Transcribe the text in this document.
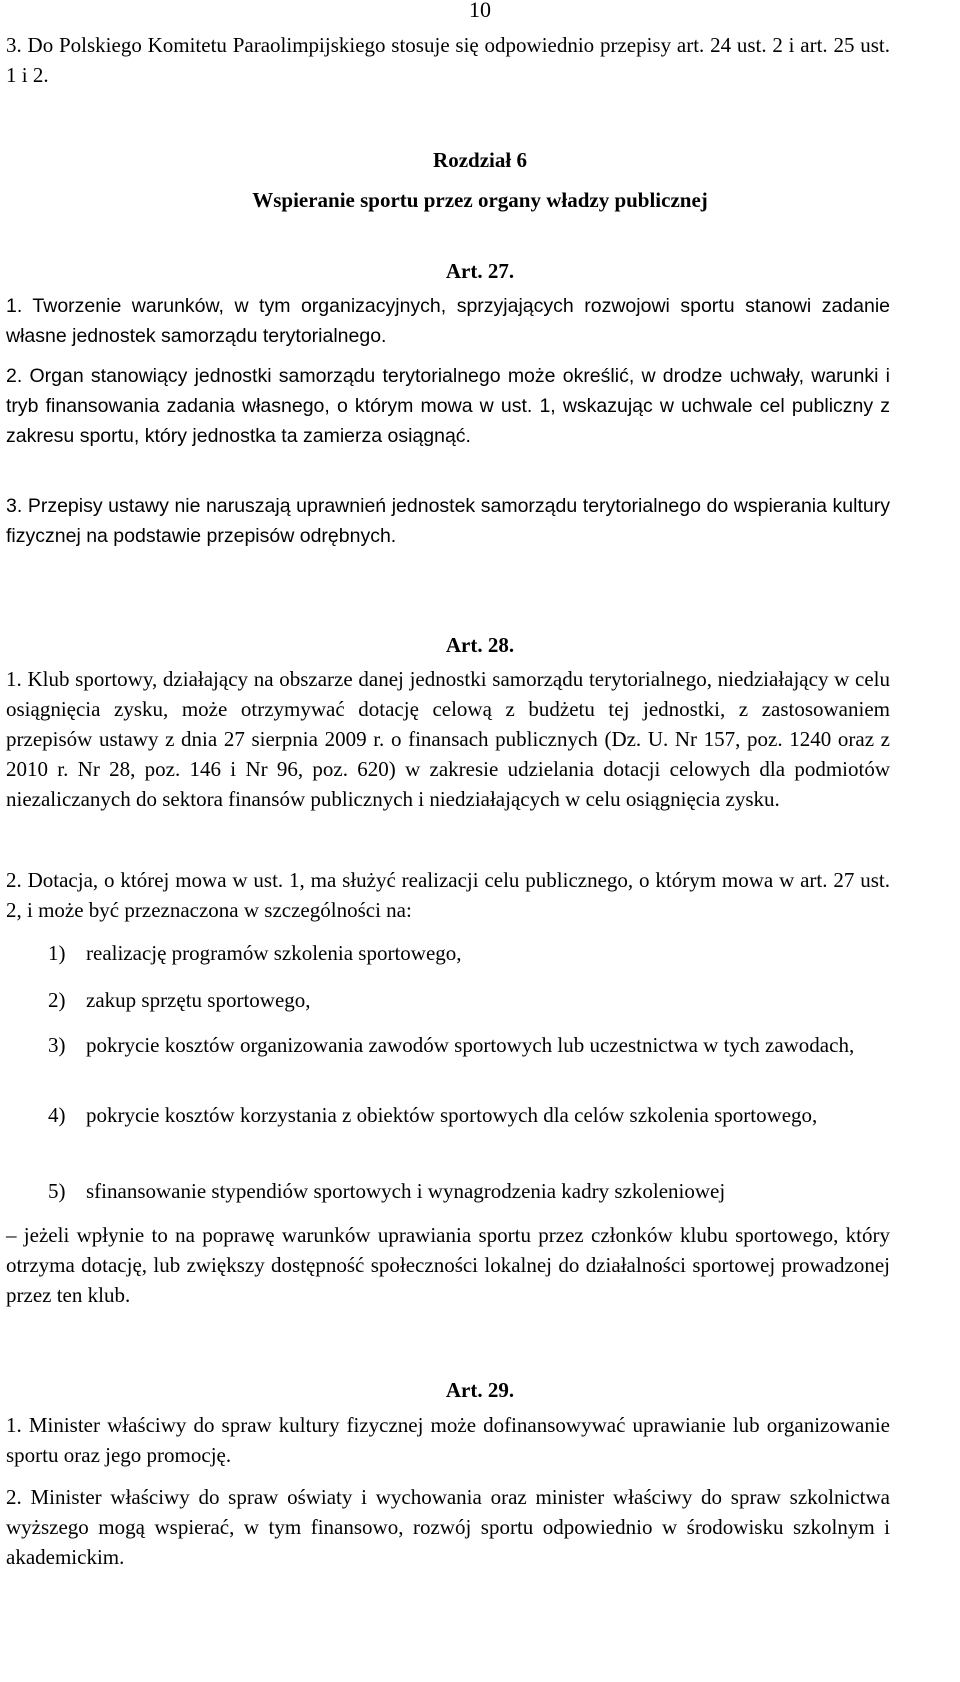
10
3. Do Polskiego Komitetu Paraolimpijskiego stosuje się odpowiednio przepisy art. 24 ust. 2 i art. 25 ust. 1 i 2.
Rozdział 6
Wspieranie sportu przez organy władzy publicznej
Art. 27.
1. Tworzenie warunków, w tym organizacyjnych, sprzyjających rozwojowi sportu stanowi zadanie własne jednostek samorządu terytorialnego.
2. Organ stanowiący jednostki samorządu terytorialnego może określić, w drodze uchwały, warunki i tryb finansowania zadania własnego, o którym mowa w ust. 1, wskazując w uchwale cel publiczny z zakresu sportu, który jednostka ta zamierza osiągnąć.
3. Przepisy ustawy nie naruszają uprawnień jednostek samorządu terytorialnego do wspierania kultury fizycznej na podstawie przepisów odrębnych.
Art. 28.
1. Klub sportowy, działający na obszarze danej jednostki samorządu terytorialnego, niedziałający w celu osiągnięcia zysku, może otrzymywać dotację celową z budżetu tej jednostki, z zastosowaniem przepisów ustawy z dnia 27 sierpnia 2009 r. o finansach publicznych (Dz. U. Nr 157, poz. 1240 oraz z 2010 r. Nr 28, poz. 146 i Nr 96, poz. 620) w zakresie udzielania dotacji celowych dla podmiotów niezaliczanych do sektora finansów publicznych i niedziałających w celu osiągnięcia zysku.
2. Dotacja, o której mowa w ust. 1, ma służyć realizacji celu publicznego, o którym mowa w art. 27 ust. 2, i może być przeznaczona w szczególności na:
1) realizację programów szkolenia sportowego,
2) zakup sprzętu sportowego,
3) pokrycie kosztów organizowania zawodów sportowych lub uczestnictwa w tych zawodach,
4) pokrycie kosztów korzystania z obiektów sportowych dla celów szkolenia sportowego,
5) sfinansowanie stypendiów sportowych i wynagrodzenia kadry szkoleniowej
– jeżeli wpłynie to na poprawę warunków uprawiania sportu przez członków klubu sportowego, który otrzyma dotację, lub zwiększy dostępność społeczności lokalnej do działalności sportowej prowadzonej przez ten klub.
Art. 29.
1. Minister właściwy do spraw kultury fizycznej może dofinansowywać uprawianie lub organizowanie sportu oraz jego promocję.
2. Minister właściwy do spraw oświaty i wychowania oraz minister właściwy do spraw szkolnictwa wyższego mogą wspierać, w tym finansowo, rozwój sportu odpowiednio w środowisku szkolnym i akademickim.
